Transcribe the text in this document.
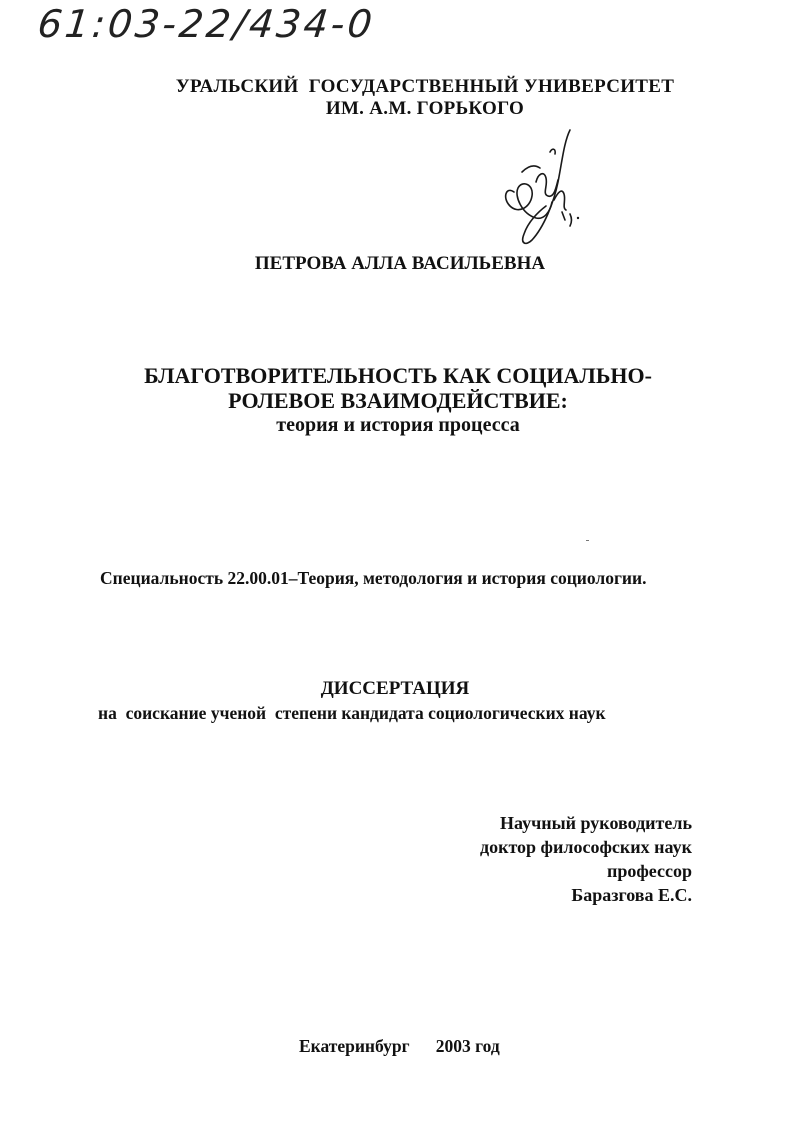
61:03-22/434-0
УРАЛЬСКИЙ  ГОСУДАРСТВЕННЫЙ УНИВЕРСИТЕТ
ИМ. А.М. ГОРЬКОГО
ПЕТРОВА АЛЛА ВАСИЛЬЕВНА
БЛАГОТВОРИТЕЛЬНОСТЬ КАК СОЦИАЛЬНО-
РОЛЕВОЕ ВЗАИМОДЕЙСТВИЕ:
теория и история процесса
Специальность 22.00.01–Теория, методология и история социологии.
ДИССЕРТАЦИЯ
на  соискание ученой  степени кандидата социологических наук
Научный руководитель
доктор философских наук
профессор
Баразгова Е.С.

Екатеринбург 2003 год
